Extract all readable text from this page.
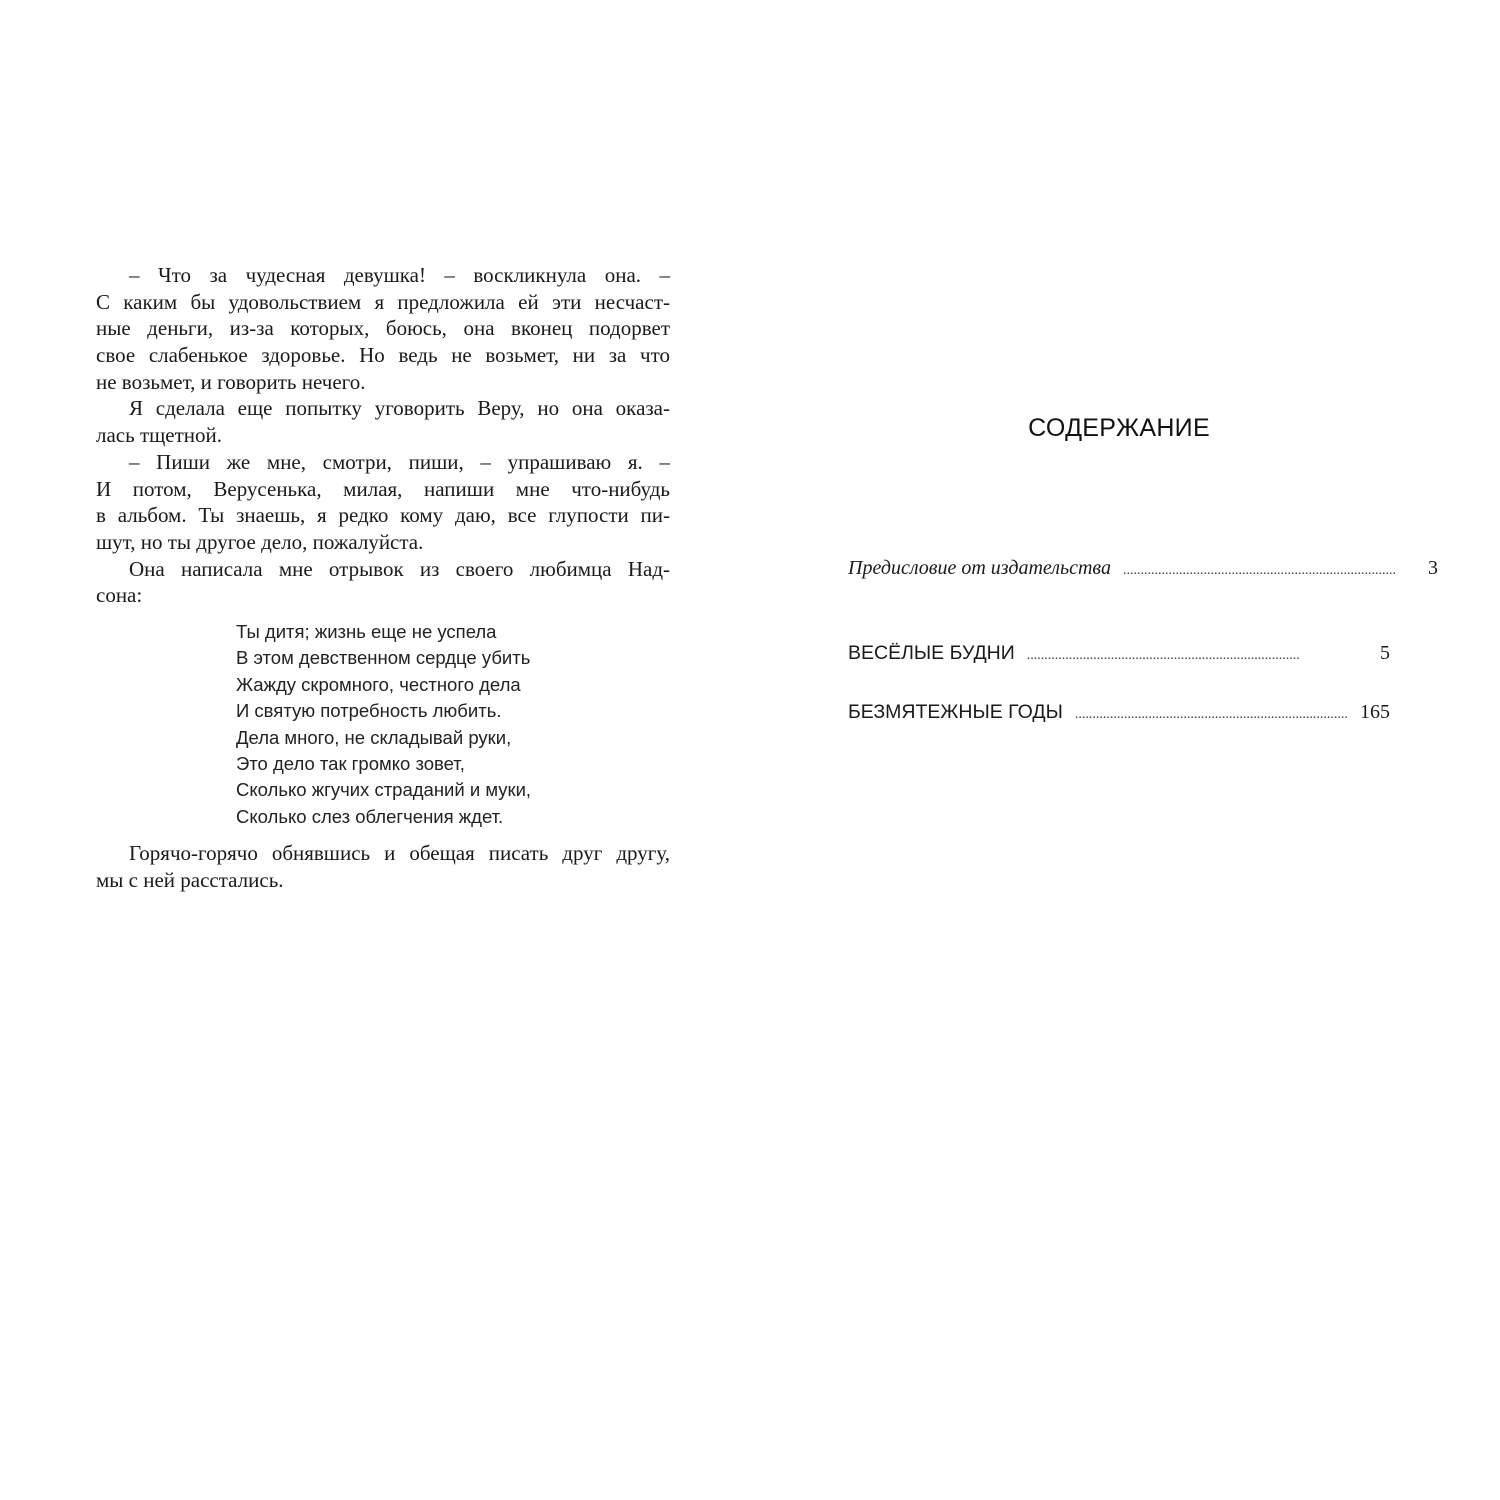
– Что за чудесная девушка! – воскликнула она. –
С каким бы удовольствием я предложила ей эти несчаст-
ные деньги, из-за которых, боюсь, она вконец подорвет
свое слабенькое здоровье. Но ведь не возьмет, ни за что
не возьмет, и говорить нечего.
Я сделала еще попытку уговорить Веру, но она оказа-
лась тщетной.
– Пиши же мне, смотри, пиши, – упрашиваю я. –
И потом, Верусенька, милая, напиши мне что-нибудь
в альбом. Ты знаешь, я редко кому даю, все глупости пи-
шут, но ты другое дело, пожалуйста.
Она написала мне отрывок из своего любимца Над-
сона:
Ты дитя; жизнь еще не успела
В этом девственном сердце убить
Жажду скромного, честного дела
И святую потребность любить.
Дела много, не складывай руки,
Это дело так громко зовет,
Сколько жгучих страданий и муки,
Сколько слез облегчения ждет.
Горячо-горячо обнявшись и обещая писать друг другу,
мы с ней расстались.
СОДЕРЖАНИЕ
Предисловие от издательства ..............................................................................	3
ВЕСЁЛЫЕ БУДНИ ..............................................................................	5
БЕЗМЯТЕЖНЫЕ ГОДЫ .............................................................................. 165
